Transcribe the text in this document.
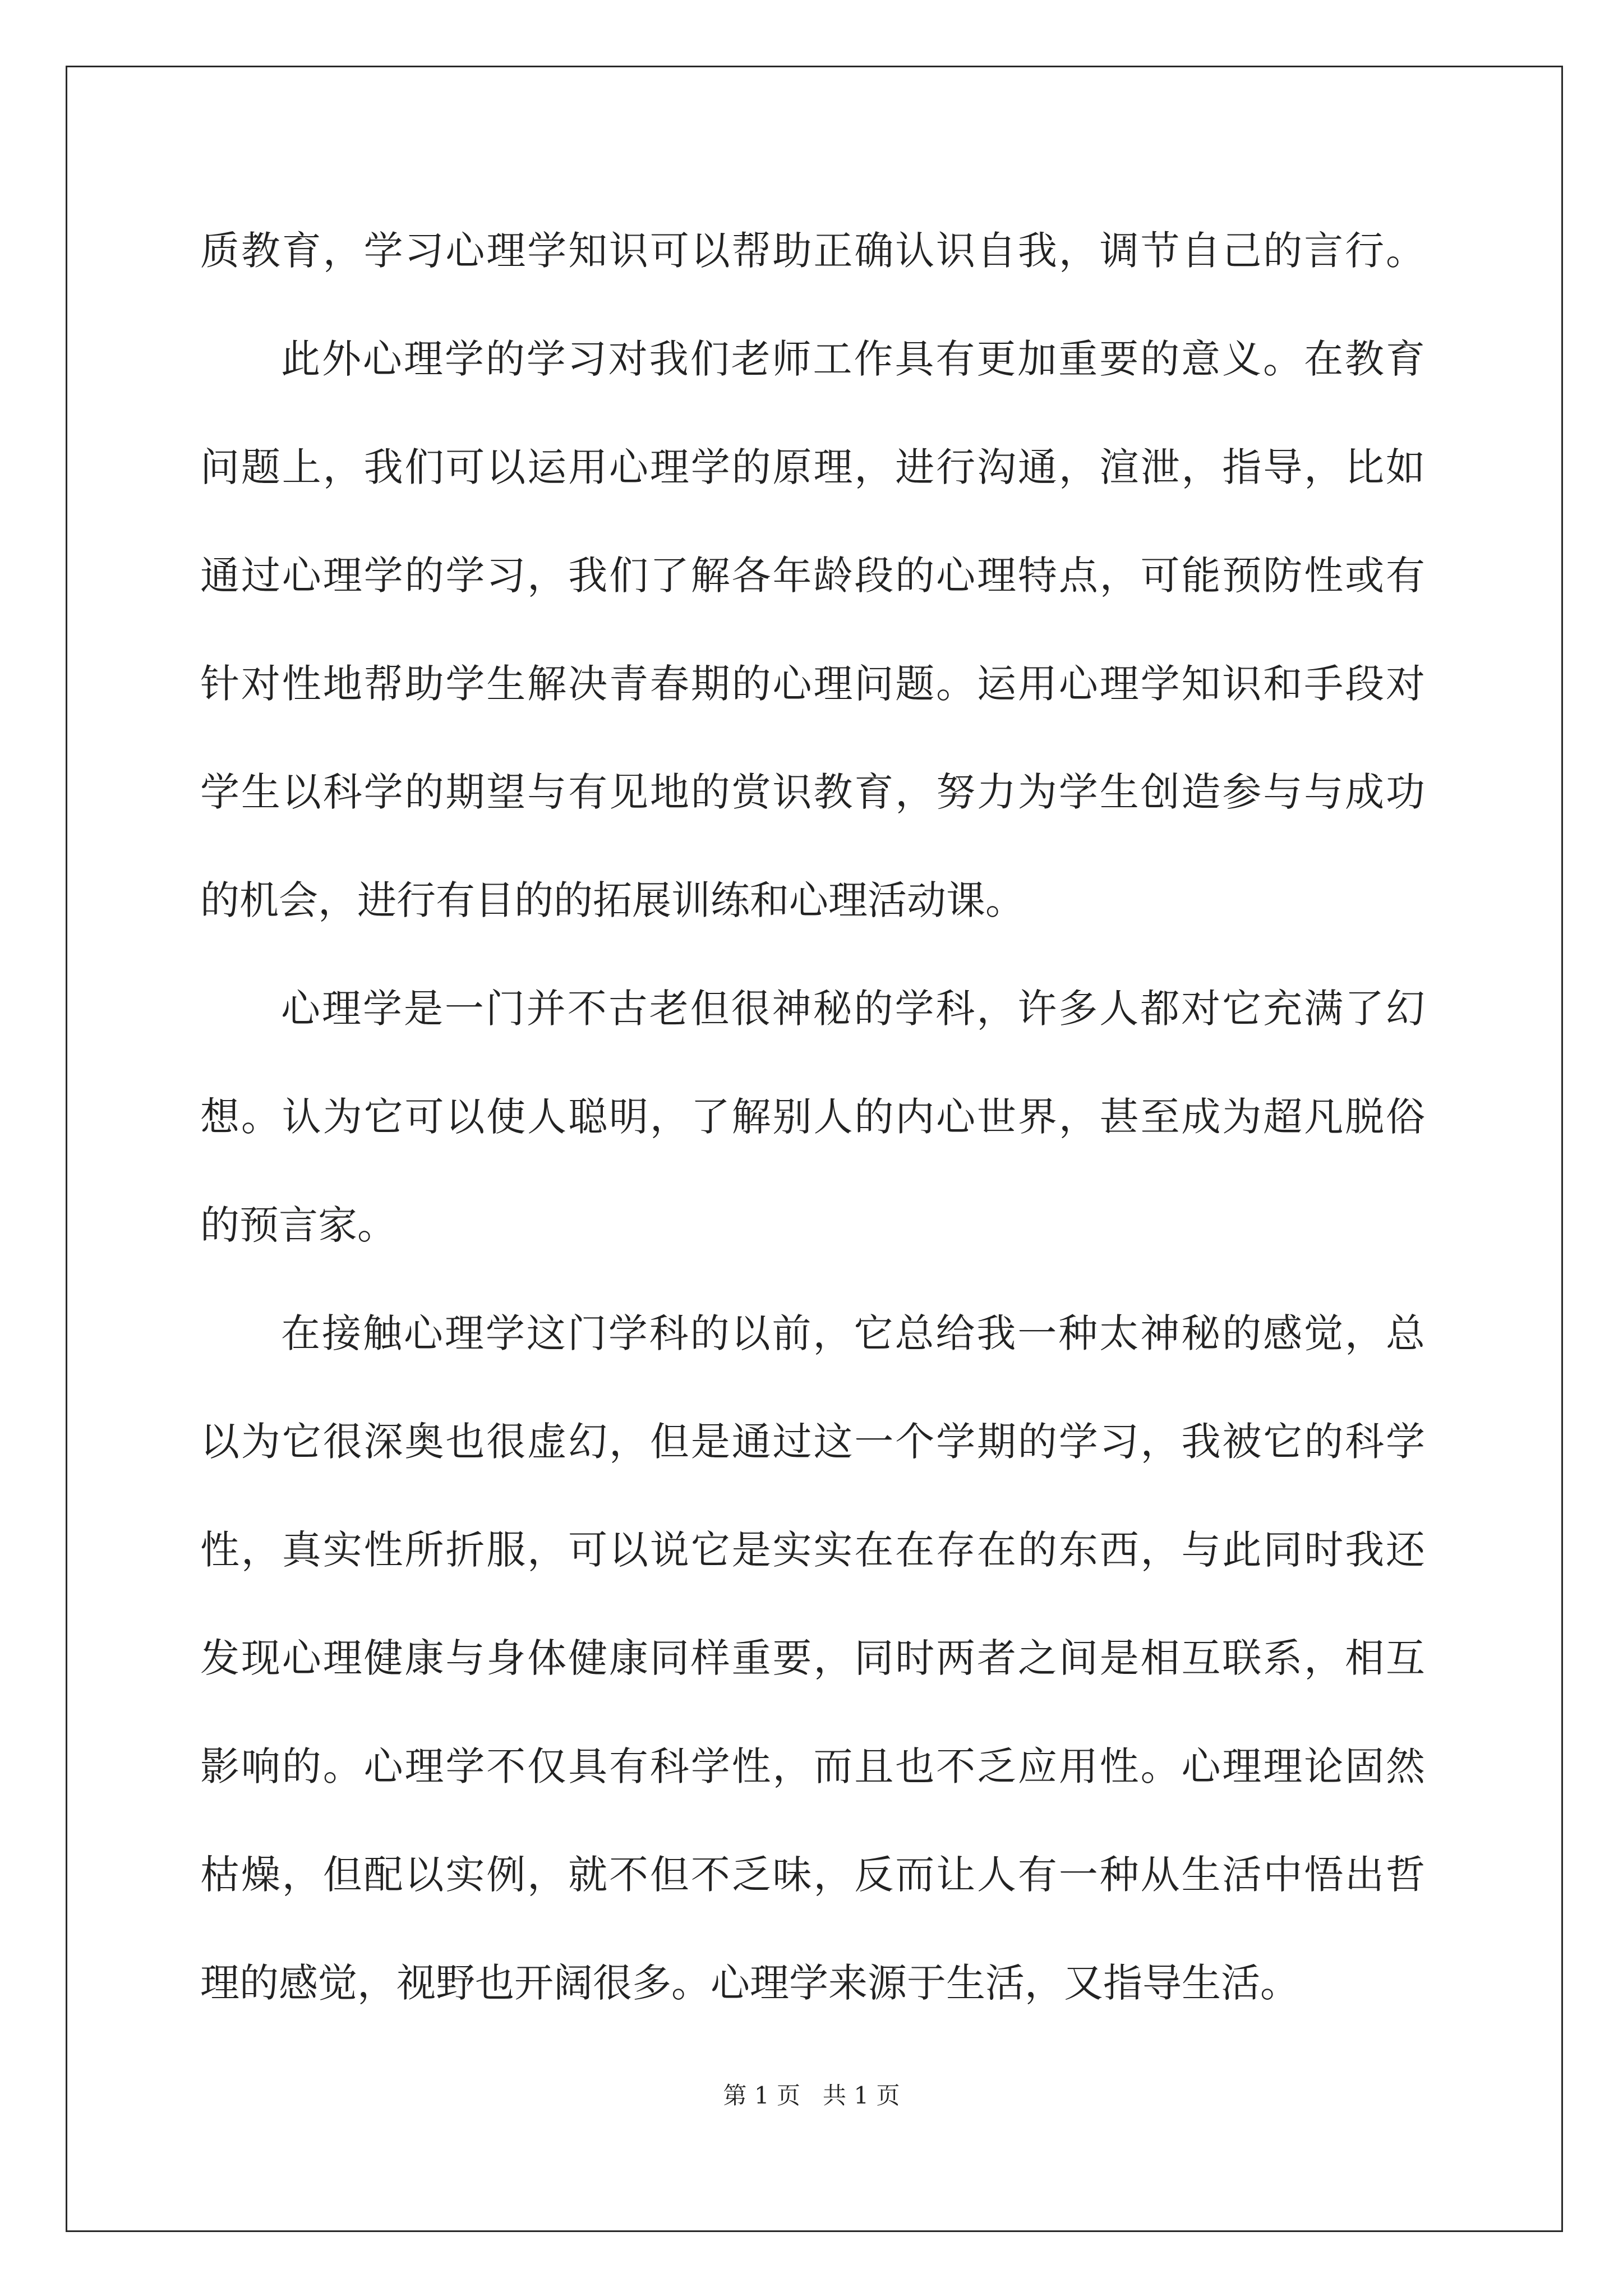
质教育，学习心理学知识可以帮助正确认识自我，调节自己的言行。

此外心理学的学习对我们老师工作具有更加重要的意义。在教育

问题上，我们可以运用心理学的原理，进行沟通，渲泄，指导，比如

通过心理学的学习，我们了解各年龄段的心理特点，可能预防性或有

针对性地帮助学生解决青春期的心理问题。运用心理学知识和手段对

学生以科学的期望与有见地的赏识教育，努力为学生创造参与与成功

的机会，进行有目的的拓展训练和心理活动课。

心理学是一门并不古老但很神秘的学科，许多人都对它充满了幻

想。认为它可以使人聪明，了解别人的内心世界，甚至成为超凡脱俗

的预言家。

在接触心理学这门学科的以前，它总给我一种太神秘的感觉，总

以为它很深奥也很虚幻，但是通过这一个学期的学习，我被它的科学

性，真实性所折服，可以说它是实实在在存在的东西，与此同时我还

发现心理健康与身体健康同样重要，同时两者之间是相互联系，相互

影响的。心理学不仅具有科学性，而且也不乏应用性。心理理论固然

枯燥，但配以实例，就不但不乏味，反而让人有一种从生活中悟出哲

理的感觉，视野也开阔很多。心理学来源于生活，又指导生活。

第 1 页   共 1 页
